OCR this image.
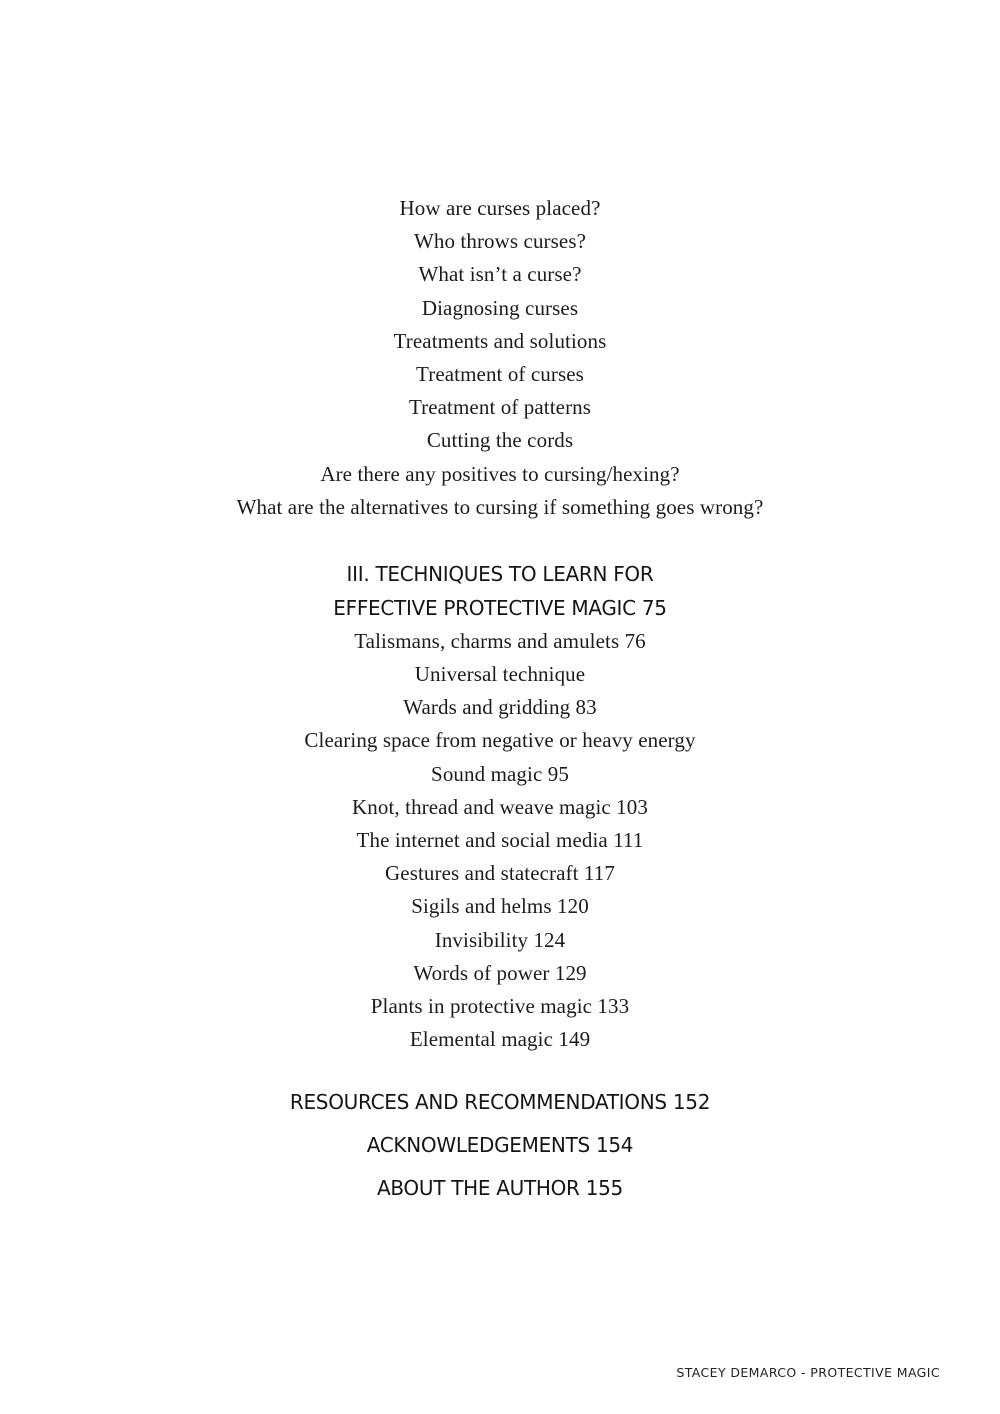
How are curses placed?
Who throws curses?
What isn’t a curse?
Diagnosing curses
Treatments and solutions
Treatment of curses
Treatment of patterns
Cutting the cords
Are there any positives to cursing/hexing?
What are the alternatives to cursing if something goes wrong?
III. TECHNIQUES TO LEARN FOR
EFFECTIVE PROTECTIVE MAGIC 75
Talismans, charms and amulets 76
Universal technique
Wards and gridding 83
Clearing space from negative or heavy energy
Sound magic 95
Knot, thread and weave magic 103
The internet and social media 111
Gestures and statecraft 117
Sigils and helms 120
Invisibility 124
Words of power 129
Plants in protective magic 133
Elemental magic 149
RESOURCES AND RECOMMENDATIONS 152
ACKNOWLEDGEMENTS 154
ABOUT THE AUTHOR 155
STACEY DEMARCO - PROTECTIVE MAGIC
